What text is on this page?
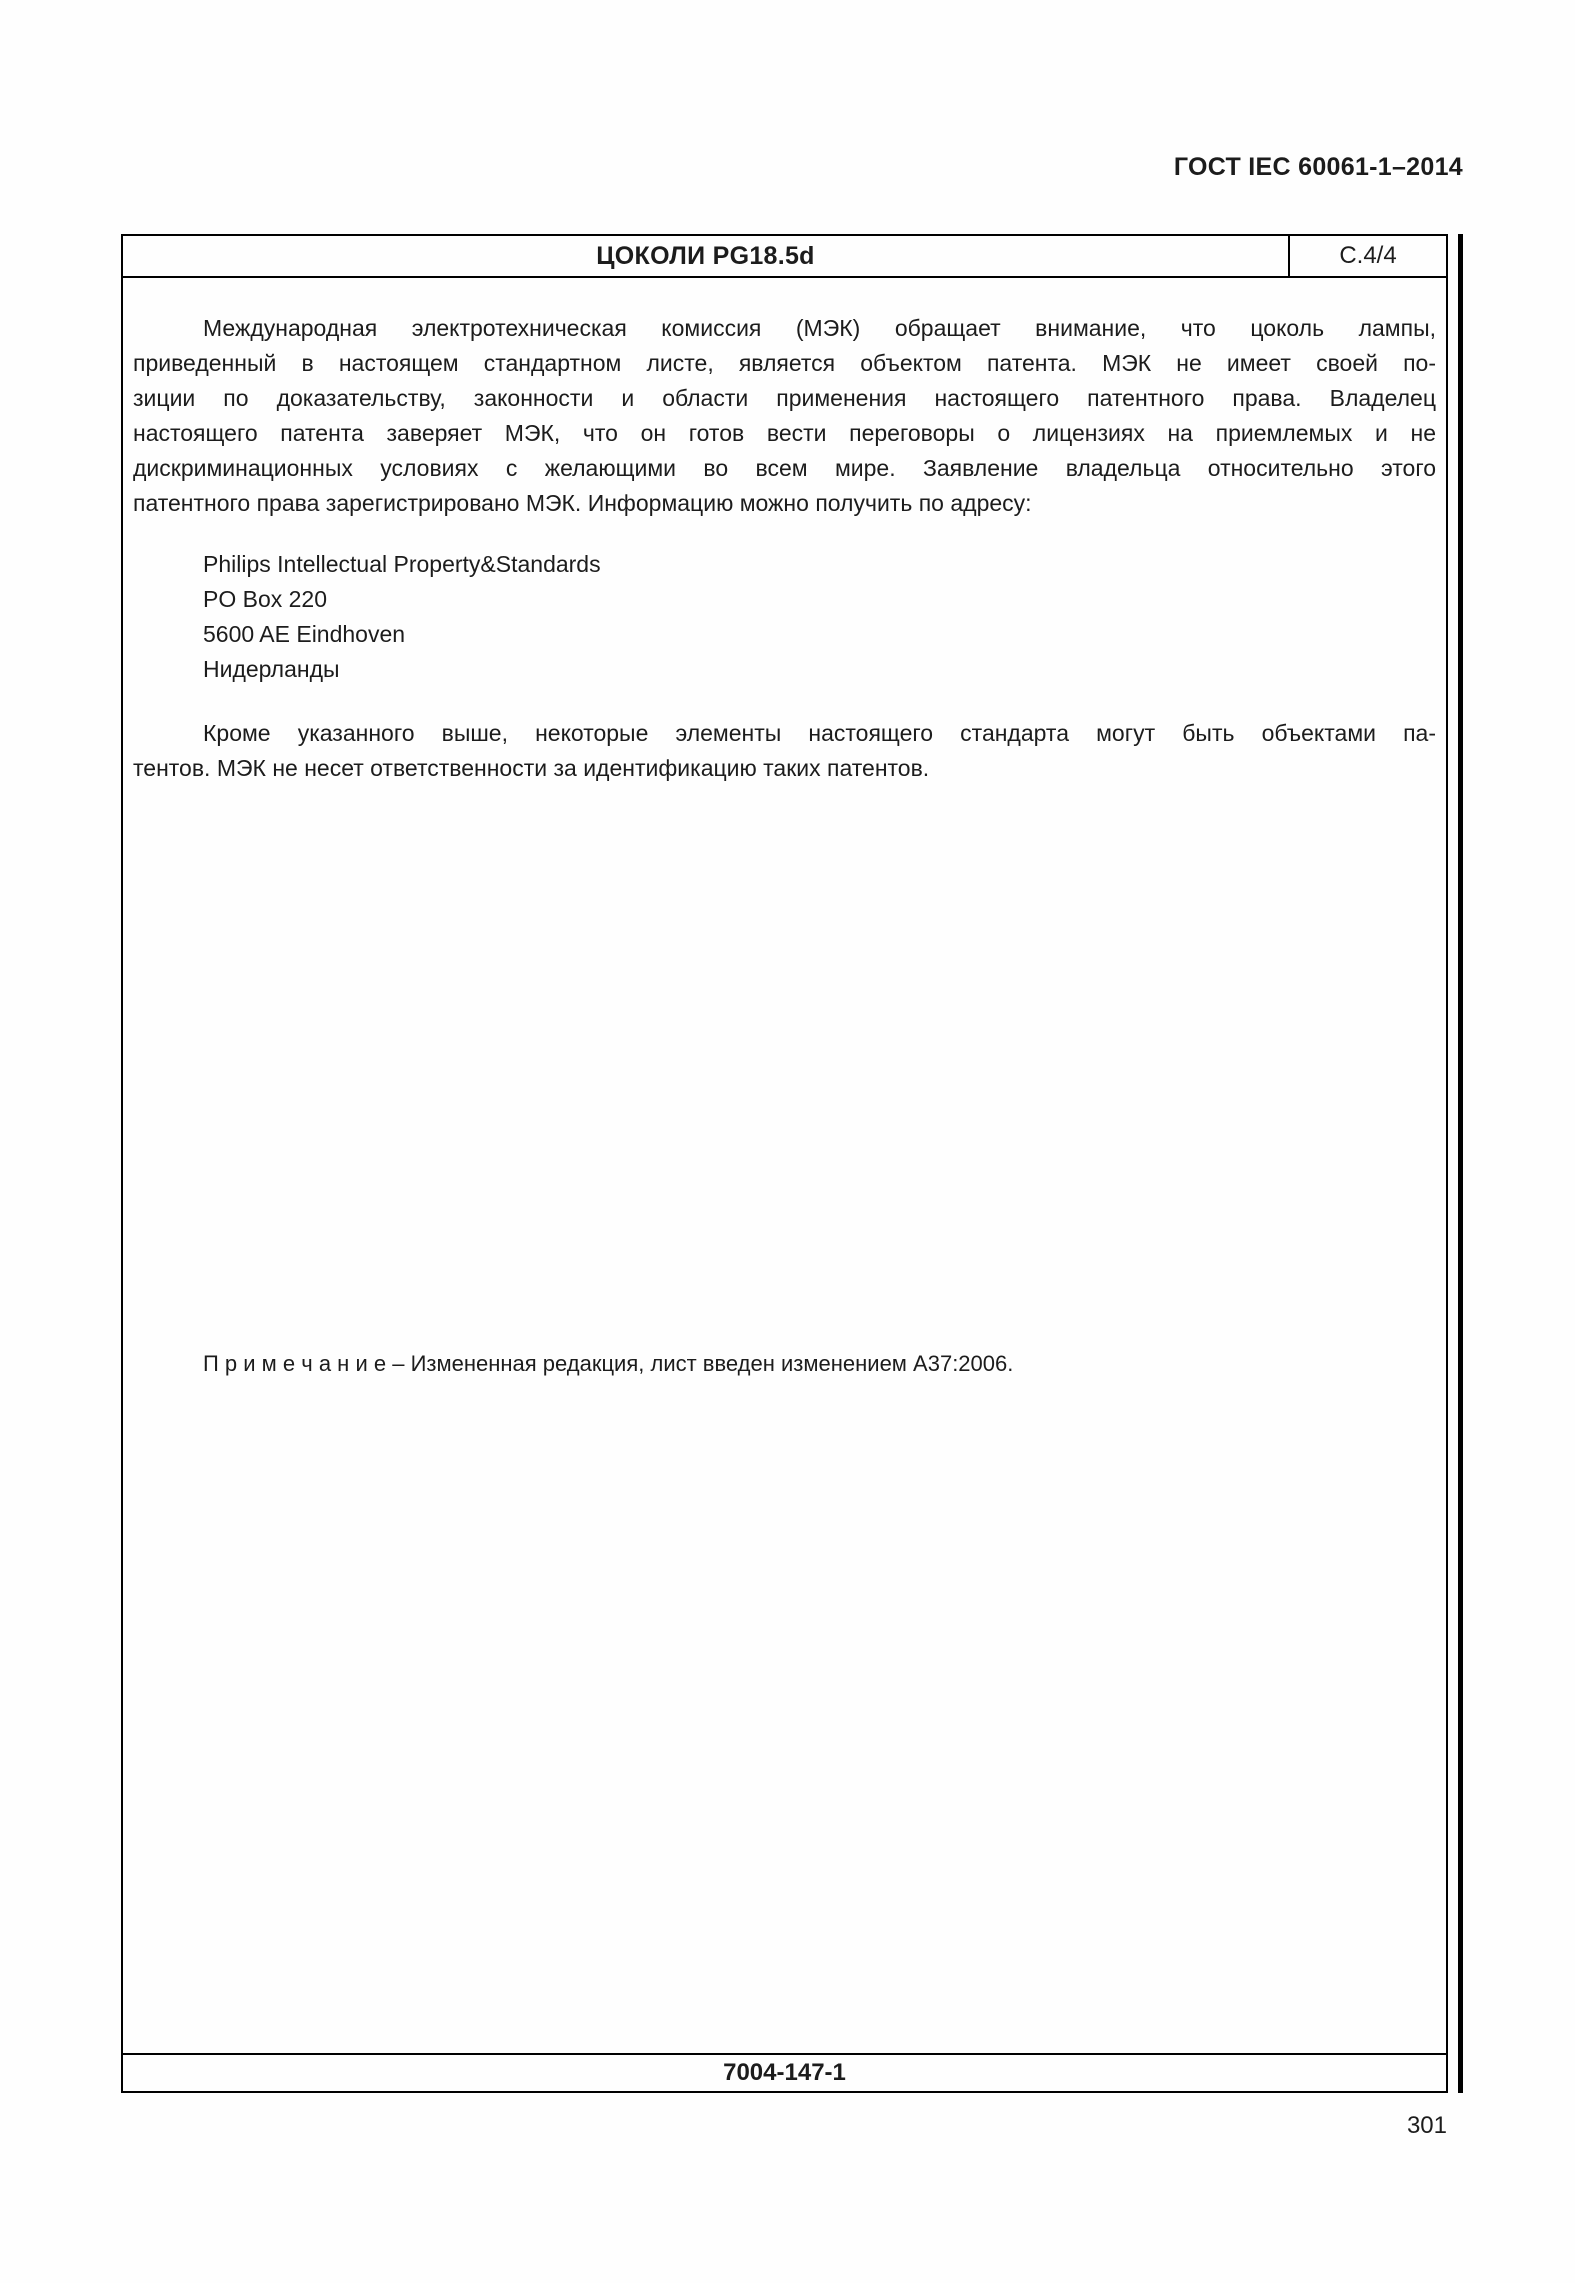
ГОСТ IEC 60061-1–2014
ЦОКОЛИ PG18.5d	С.4/4
Международная электротехническая комиссия (МЭК) обращает внимание, что цоколь лампы,
приведенный в настоящем стандартном листе, является объектом патента. МЭК не имеет своей по-
зиции по доказательству, законности и области применения настоящего патентного права. Владелец
настоящего патента заверяет МЭК, что он готов вести переговоры о лицензиях на приемлемых и не
дискриминационных условиях с желающими во всем мире. Заявление владельца относительно этого
патентного права зарегистрировано МЭК. Информацию можно получить по адресу:
Philips Intellectual Property&Standards
PO Box 220
5600 AE Eindhoven
Нидерланды
Кроме указанного выше, некоторые элементы настоящего стандарта могут быть объектами па-
тентов. МЭК не несет ответственности за идентификацию таких патентов.
П р и м е ч а н и е – Измененная редакция, лист введен изменением А37:2006.
7004-147-1
301
